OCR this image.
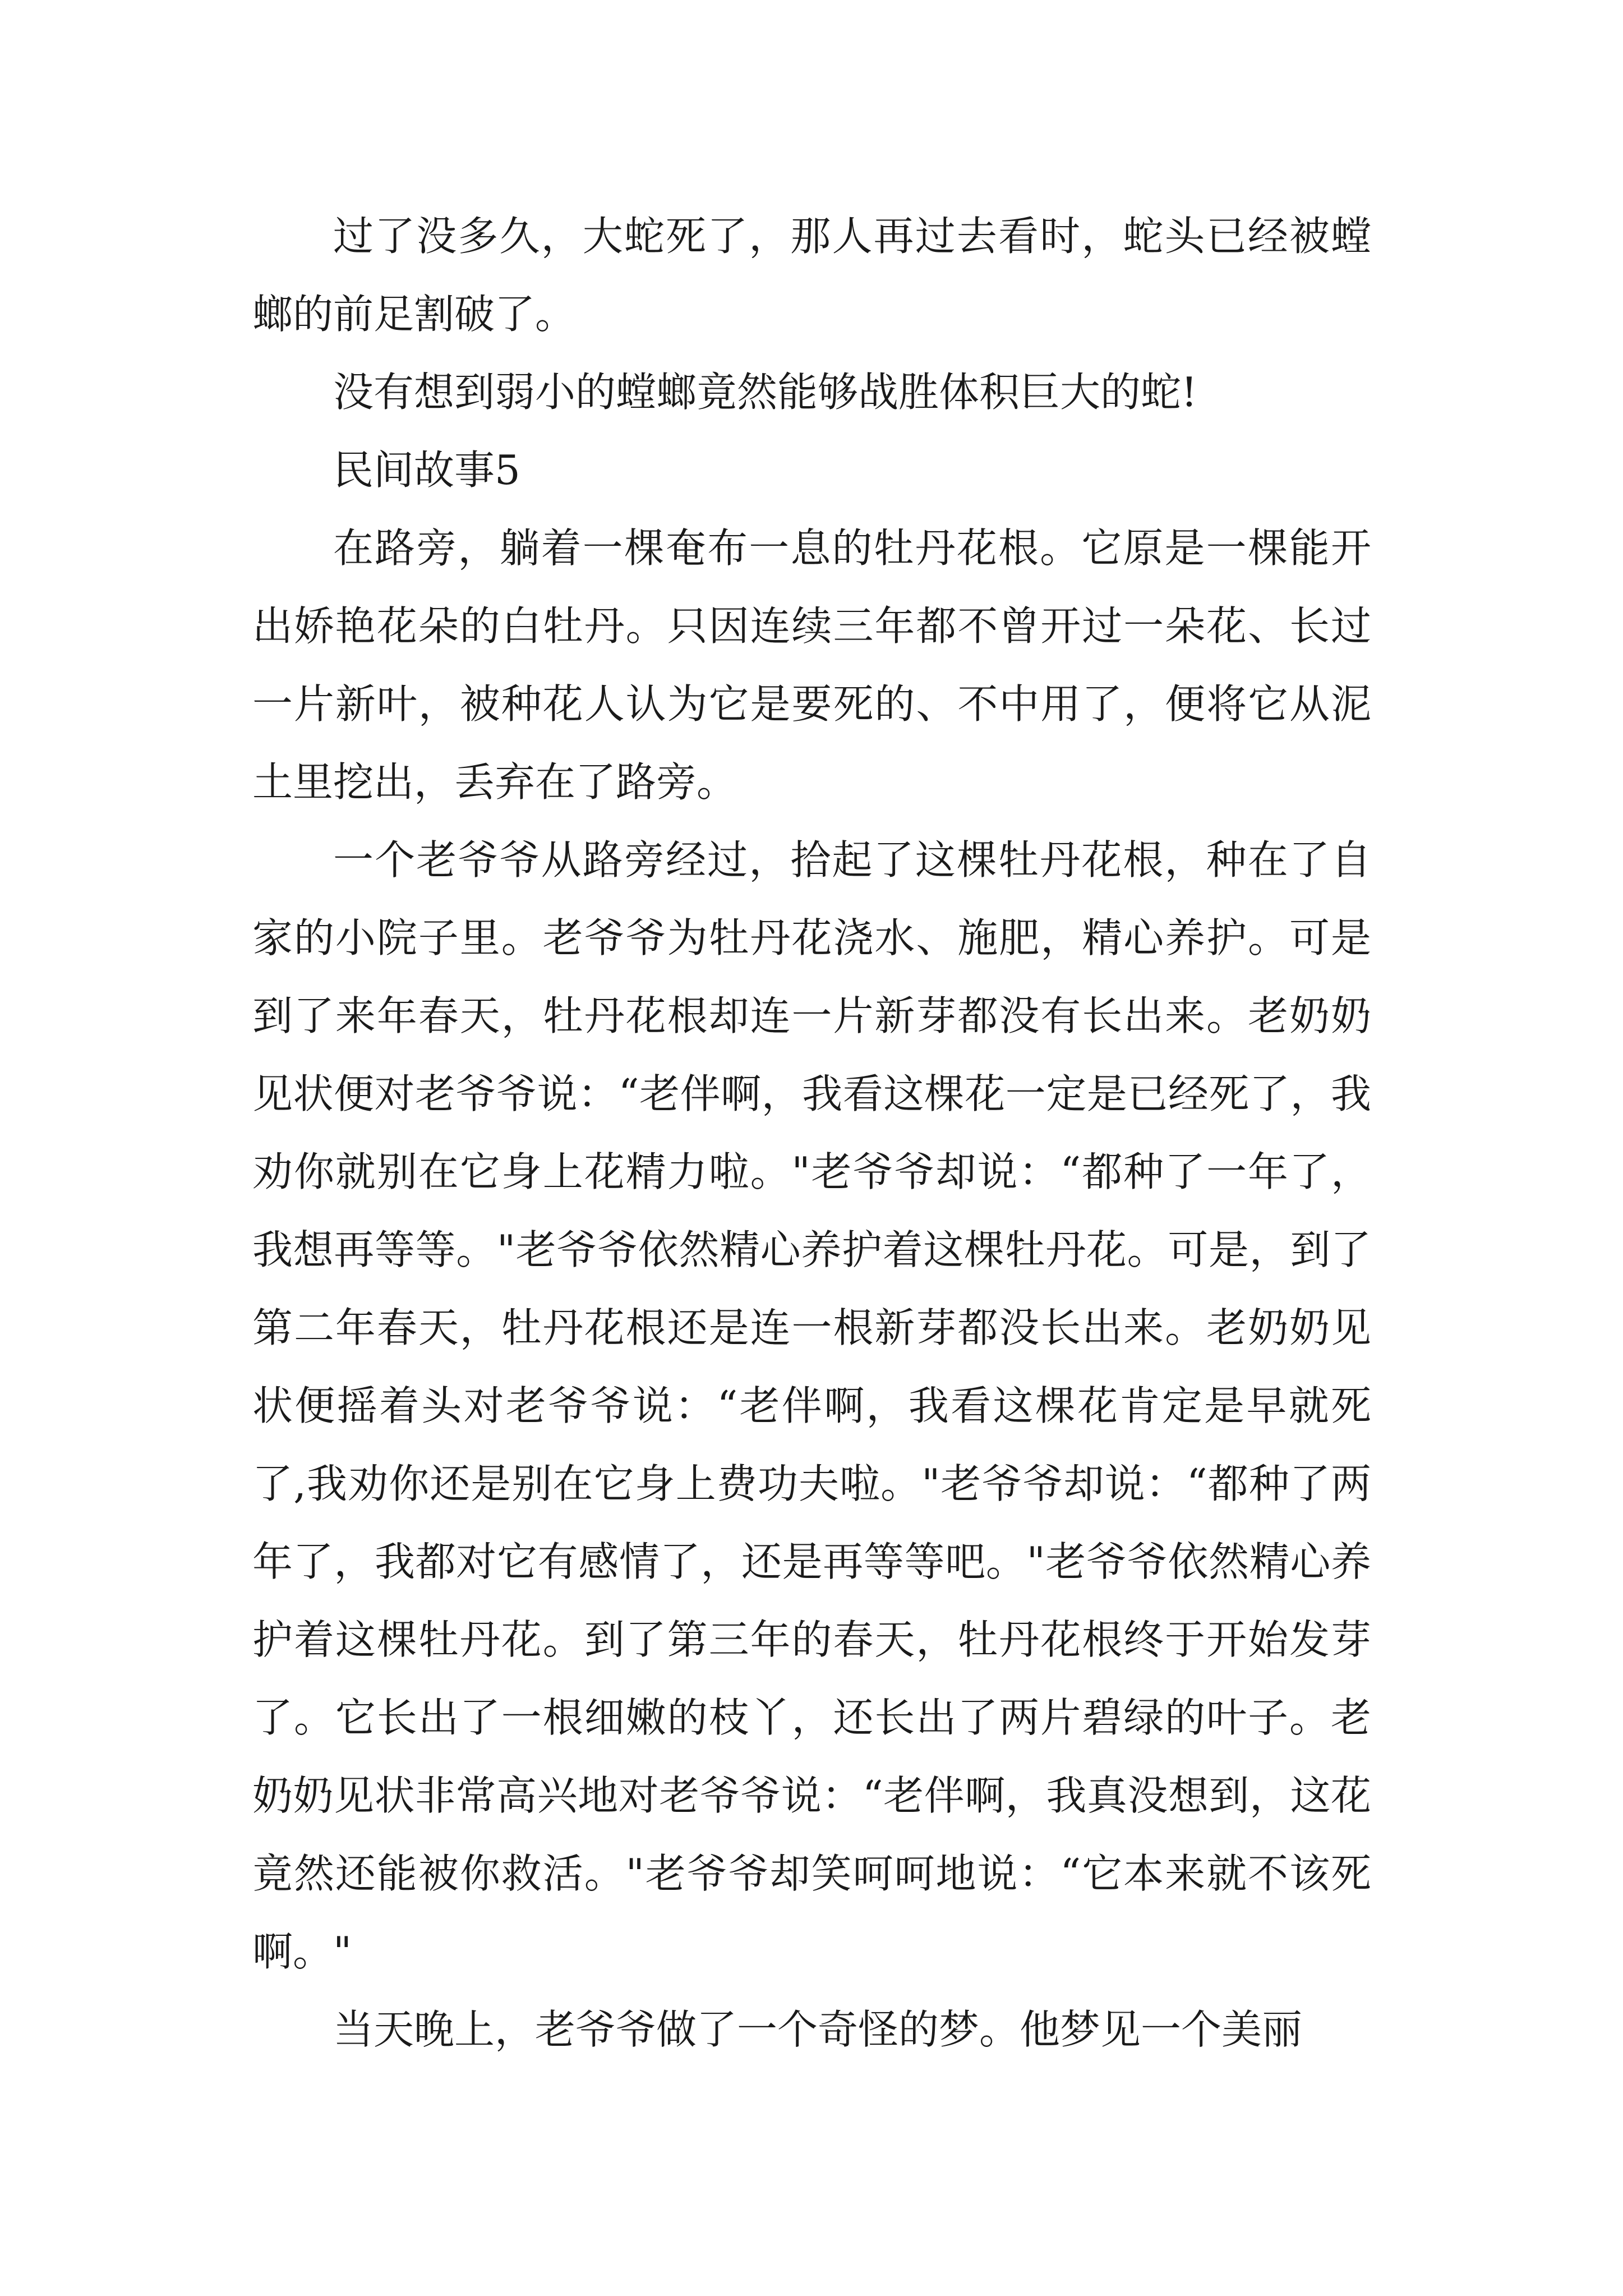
过了没多久，大蛇死了，那人再过去看时，蛇头已经被螳螂的前足割破了。

没有想到弱小的螳螂竟然能够战胜体积巨大的蛇!

民间故事5

在路旁，躺着一棵奄布一息的牡丹花根。它原是一棵能开出娇艳花朵的白牡丹。只因连续三年都不曾开过一朵花、长过一片新叶，被种花人认为它是要死的、不中用了，便将它从泥土里挖出，丢弃在了路旁。

一个老爷爷从路旁经过，拾起了这棵牡丹花根，种在了自家的小院子里。老爷爷为牡丹花浇水、施肥，精心养护。可是到了来年春天，牡丹花根却连一片新芽都没有长出来。老奶奶见状便对老爷爷说：“老伴啊，我看这棵花一定是已经死了，我劝你就别在它身上花精力啦。"老爷爷却说：“都种了一年了，我想再等等。"老爷爷依然精心养护着这棵牡丹花。可是，到了第二年春天，牡丹花根还是连一根新芽都没长出来。老奶奶见状便摇着头对老爷爷说：“老伴啊，我看这棵花肯定是早就死了,我劝你还是别在它身上费功夫啦。"老爷爷却说：“都种了两年了，我都对它有感情了，还是再等等吧。"老爷爷依然精心养护着这棵牡丹花。到了第三年的春天，牡丹花根终于开始发芽了。它长出了一根细嫩的枝丫，还长出了两片碧绿的叶子。老奶奶见状非常高兴地对老爷爷说：“老伴啊，我真没想到，这花竟然还能被你救活。"老爷爷却笑呵呵地说：“它本来就不该死啊。"

当天晚上，老爷爷做了一个奇怪的梦。他梦见一个美丽
